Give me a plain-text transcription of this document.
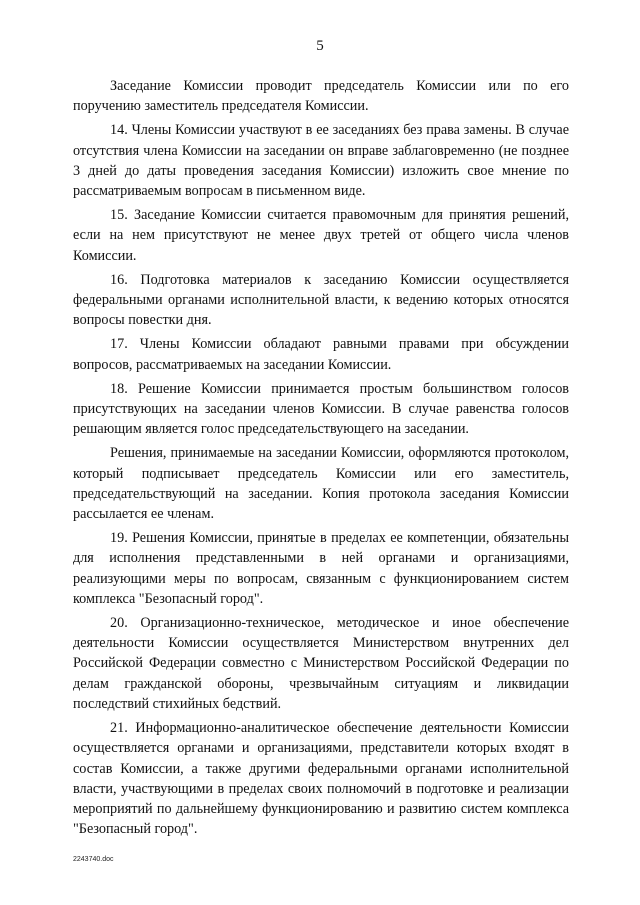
5

Заседание Комиссии проводит председатель Комиссии или по его поручению заместитель председателя Комиссии.

14. Члены Комиссии участвуют в ее заседаниях без права замены. В случае отсутствия члена Комиссии на заседании он вправе заблаговременно (не позднее 3 дней до даты проведения заседания Комиссии) изложить свое мнение по рассматриваемым вопросам в письменном виде.

15. Заседание Комиссии считается правомочным для принятия решений, если на нем присутствуют не менее двух третей от общего числа членов Комиссии.

16. Подготовка материалов к заседанию Комиссии осуществляется федеральными органами исполнительной власти, к ведению которых относятся вопросы повестки дня.

17. Члены Комиссии обладают равными правами при обсуждении вопросов, рассматриваемых на заседании Комиссии.

18. Решение Комиссии принимается простым большинством голосов присутствующих на заседании членов Комиссии. В случае равенства голосов решающим является голос председательствующего на заседании.

Решения, принимаемые на заседании Комиссии, оформляются протоколом, который подписывает председатель Комиссии или его заместитель, председательствующий на заседании. Копия протокола заседания Комиссии рассылается ее членам.

19. Решения Комиссии, принятые в пределах ее компетенции, обязательны для исполнения представленными в ней органами и организациями, реализующими меры по вопросам, связанным с функционированием систем комплекса "Безопасный город".

20. Организационно-техническое, методическое и иное обеспечение деятельности Комиссии осуществляется Министерством внутренних дел Российской Федерации совместно с Министерством Российской Федерации по делам гражданской обороны, чрезвычайным ситуациям и ликвидации последствий стихийных бедствий.

21. Информационно-аналитическое обеспечение деятельности Комиссии осуществляется органами и организациями, представители которых входят в состав Комиссии, а также другими федеральными органами исполнительной власти, участвующими в пределах своих полномочий в подготовке и реализации мероприятий по дальнейшему функционированию и развитию систем комплекса "Безопасный город".

2243740.doc
